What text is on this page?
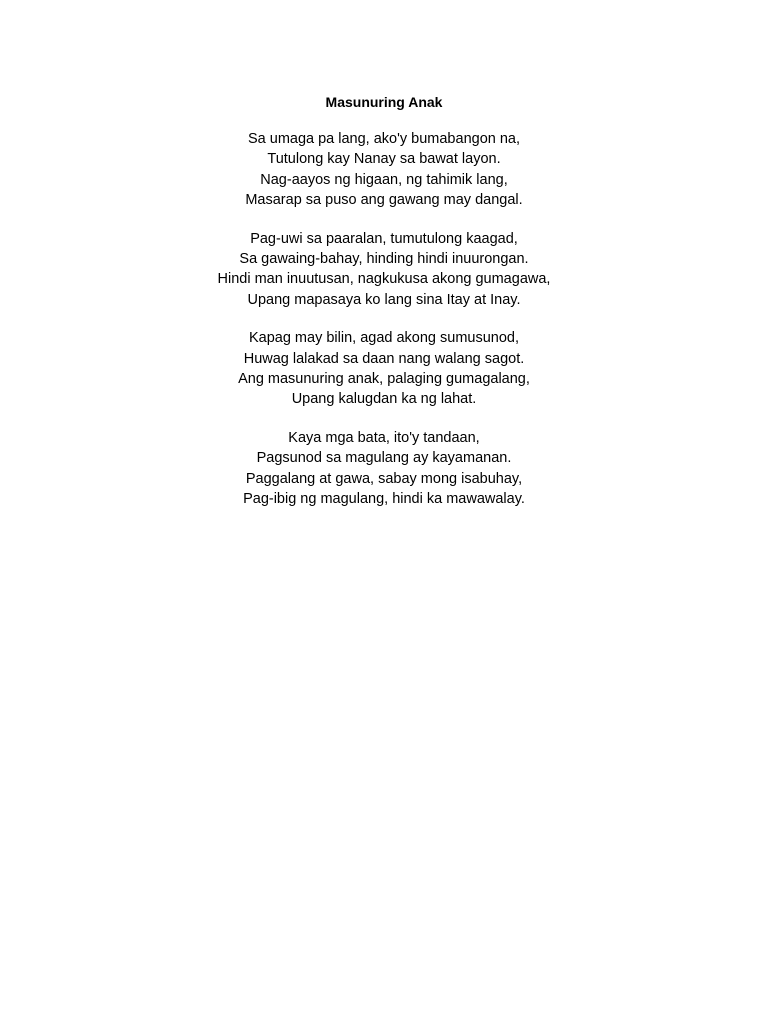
Masunuring Anak
Sa umaga pa lang, ako'y bumabangon na,
Tutulong kay Nanay sa bawat layon.
Nag-aayos ng higaan, ng tahimik lang,
Masarap sa puso ang gawang may dangal.
Pag-uwi sa paaralan, tumutulong kaagad,
Sa gawaing-bahay, hinding hindi inuurongan.
Hindi man inuutusan, nagkukusa akong gumagawa,
Upang mapasaya ko lang sina Itay at Inay.
Kapag may bilin, agad akong sumusunod,
Huwag lalakad sa daan nang walang sagot.
Ang masunuring anak, palaging gumagalang,
Upang kalugdan ka ng lahat.
Kaya mga bata, ito'y tandaan,
Pagsunod sa magulang ay kayamanan.
Paggalang at gawa, sabay mong isabuhay,
Pag-ibig ng magulang, hindi ka mawawalay.
